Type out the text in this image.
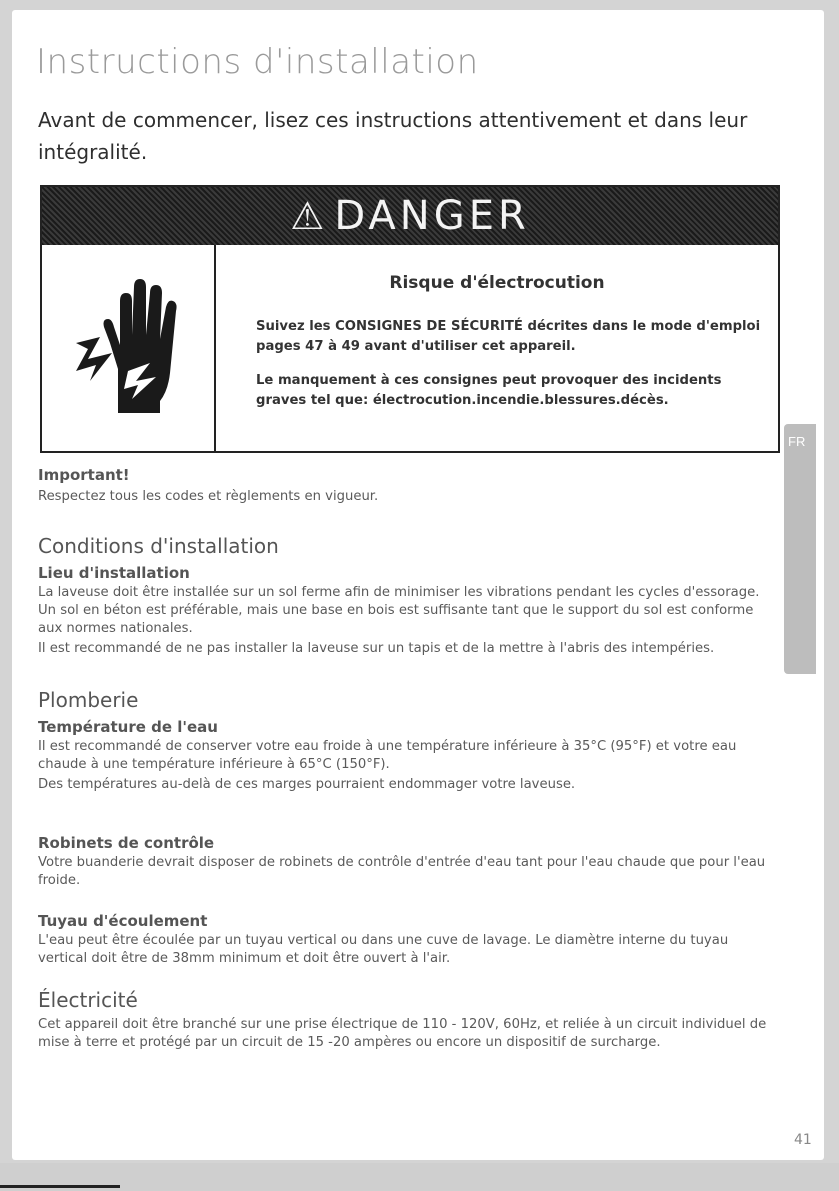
FR
Instructions d'installation
Avant de commencer, lisez ces instructions attentivement et dans leur intégralité.
⚠ DANGER
Risque d'électrocution
Suivez les CONSIGNES DE SÉCURITÉ décrites dans le mode d'emploi pages 47 à 49 avant d'utiliser cet appareil.
Le manquement à ces consignes peut provoquer des incidents graves tel que: électrocution.incendie.blessures.décès.
Important!
Respectez tous les codes et règlements en vigueur.
Conditions d'installation
Lieu d'installation
La laveuse doit être installée sur un sol ferme afin de minimiser les vibrations pendant les cycles d'essorage. Un sol en béton est préférable, mais une base en bois est suffisante tant que le support du sol est conforme aux normes nationales.
Il est recommandé de ne pas installer la laveuse sur un tapis et de la mettre à l'abris des intempéries.
Plomberie
Température de l'eau
Il est recommandé de conserver votre eau froide à une température inférieure à 35°C (95°F) et votre eau chaude à une température inférieure à 65°C (150°F).
Des températures au-delà de ces marges pourraient endommager votre laveuse.
Robinets de contrôle
Votre buanderie devrait disposer de robinets de contrôle d'entrée d'eau tant pour l'eau chaude que pour l'eau froide.
Tuyau d'écoulement
L'eau peut être écoulée par un tuyau vertical ou dans une cuve de lavage. Le diamètre interne du tuyau vertical doit être de 38mm minimum et doit être ouvert à l'air.
Électricité
Cet appareil doit être branché sur une prise électrique de 110 - 120V, 60Hz, et reliée à un circuit individuel de mise à terre et protégé par un circuit de 15 -20 ampères ou encore un dispositif de surcharge.
41
